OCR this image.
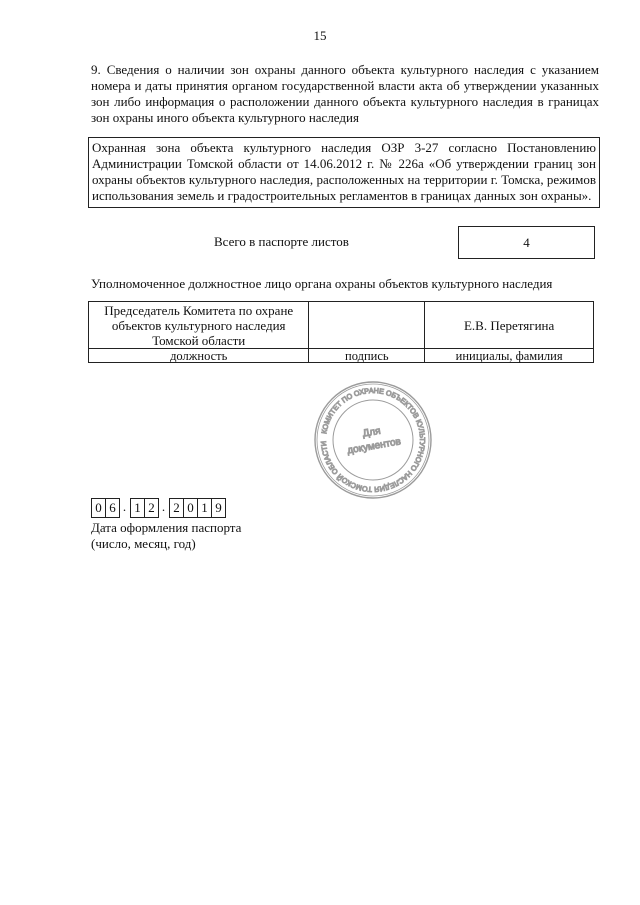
15
9. Сведения о наличии зон охраны данного объекта культурного наследия с указанием номера и даты принятия органом государственной власти акта об утверждении указанных зон либо информация о расположении данного объекта культурного наследия в границах зон охраны иного объекта культурного наследия
Охранная зона объекта культурного наследия ОЗР 3-27 согласно Постановлению Администрации Томской области от 14.06.2012 г. № 226а «Об утверждении границ зон охраны объектов культурного наследия, расположенных на территории г. Томска, режимов использования земель и градостроительных регламентов в границах данных зон охраны».
Всего в паспорте листов	4
Уполномоченное должностное лицо органа охраны объектов культурного наследия
Председатель Комитета по охране объектов культурного наследия Томской области		Е.В. Перетягина
должность	подпись	инициалы, фамилия
КОМИТЕТ ПО ОХРАНЕ ОБЪЕКТОВ КУЛЬТУРНОГО НАСЛЕДИЯ ТОМСКОЙ ОБЛАСТИ
Для
документов
0 6 . 1 2 . 2 0 1 9
Дата оформления паспорта
(число, месяц, год)
